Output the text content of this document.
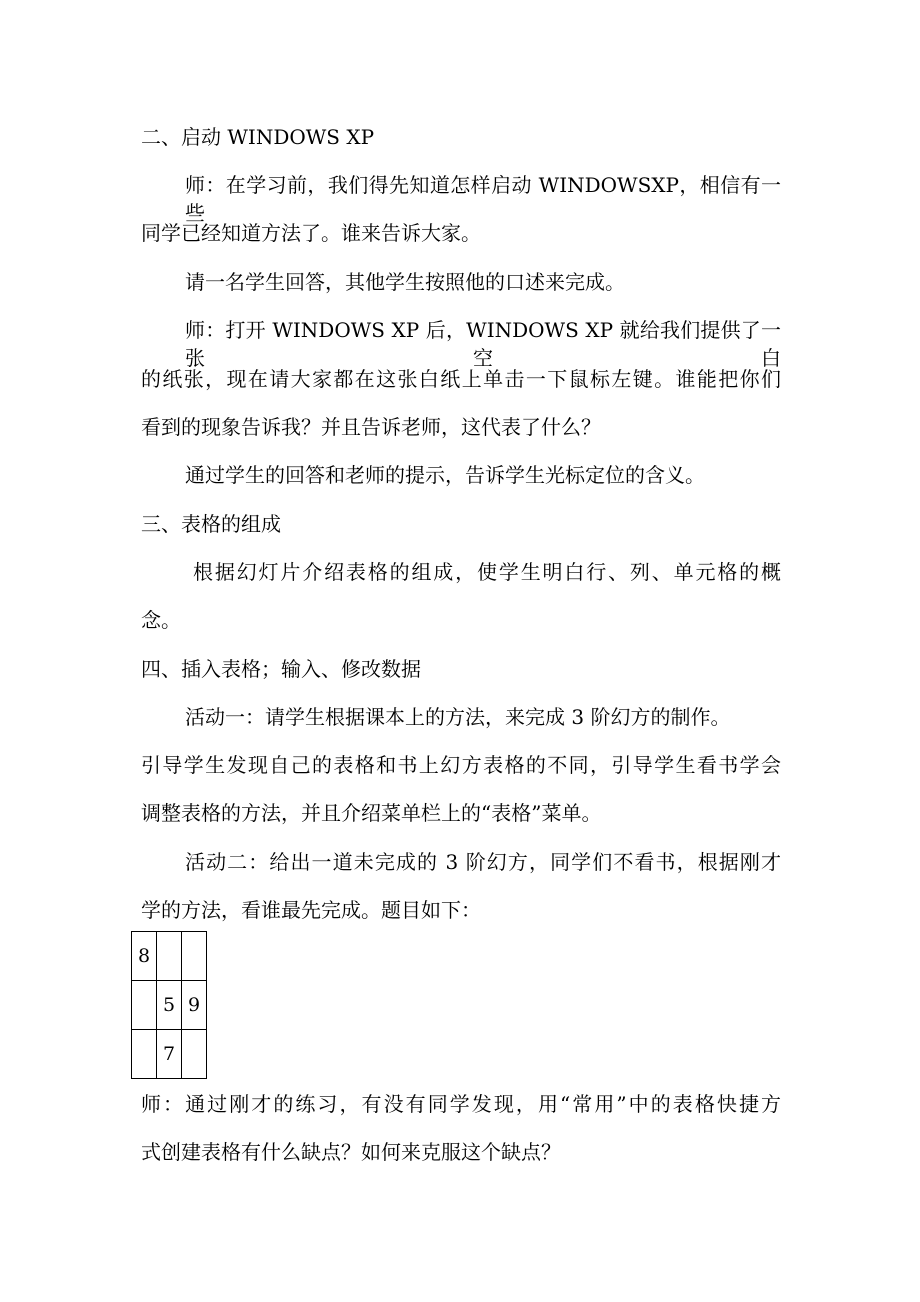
二、启动 WINDOWS XP
师：在学习前，我们得先知道怎样启动 WINDOWSXP，相信有一些
同学已经知道方法了。谁来告诉大家。
请一名学生回答，其他学生按照他的口述来完成。
师：打开 WINDOWS XP 后，WINDOWS XP 就给我们提供了一张空白
的纸张，现在请大家都在这张白纸上单击一下鼠标左键。谁能把你们
看到的现象告诉我？并且告诉老师，这代表了什么？
通过学生的回答和老师的提示，告诉学生光标定位的含义。
三、表格的组成
根据幻灯片介绍表格的组成，使学生明白行、列、单元格的概
念。
四、插入表格；输入、修改数据
活动一：请学生根据课本上的方法，来完成 3 阶幻方的制作。
引导学生发现自己的表格和书上幻方表格的不同，引导学生看书学会
调整表格的方法，并且介绍菜单栏上的“表格”菜单。
活动二：给出一道未完成的 3 阶幻方，同学们不看书，根据刚才
学的方法，看谁最先完成。题目如下：
8		
	5	9
	7	
师：通过刚才的练习，有没有同学发现，用“常用”中的表格快捷方
式创建表格有什么缺点？如何来克服这个缺点？
